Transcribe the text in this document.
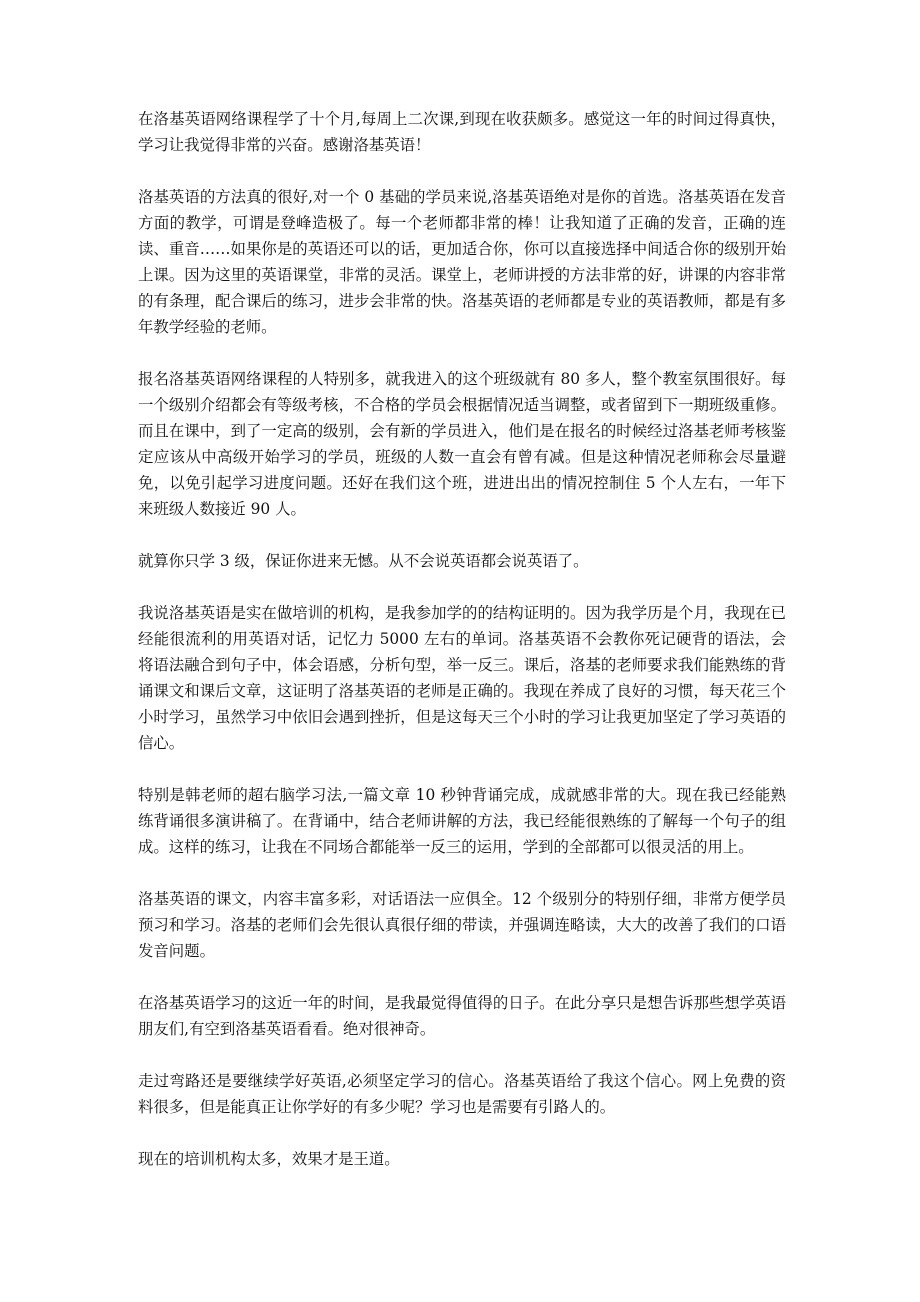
在洛基英语网络课程学了十个月,每周上二次课,到现在收获颇多。感觉这一年的时间过得真快，学习让我觉得非常的兴奋。感谢洛基英语！

洛基英语的方法真的很好,对一个 0 基础的学员来说,洛基英语绝对是你的首选。洛基英语在发音方面的教学，可谓是登峰造极了。每一个老师都非常的棒！让我知道了正确的发音，正确的连读、重音……如果你是的英语还可以的话，更加适合你，你可以直接选择中间适合你的级别开始上课。因为这里的英语课堂，非常的灵活。课堂上，老师讲授的方法非常的好，讲课的内容非常的有条理，配合课后的练习，进步会非常的快。洛基英语的老师都是专业的英语教师，都是有多年教学经验的老师。

报名洛基英语网络课程的人特别多，就我进入的这个班级就有 80 多人，整个教室氛围很好。每一个级别介绍都会有等级考核，不合格的学员会根据情况适当调整，或者留到下一期班级重修。而且在课中，到了一定高的级别，会有新的学员进入，他们是在报名的时候经过洛基老师考核鉴定应该从中高级开始学习的学员，班级的人数一直会有曾有减。但是这种情况老师称会尽量避免，以免引起学习进度问题。还好在我们这个班，进进出出的情况控制住 5 个人左右，一年下来班级人数接近 90 人。

就算你只学 3 级，保证你进来无憾。从不会说英语都会说英语了。

我说洛基英语是实在做培训的机构，是我参加学的的结构证明的。因为我学历是个月，我现在已经能很流利的用英语对话，记忆力 5000 左右的单词。洛基英语不会教你死记硬背的语法，会将语法融合到句子中，体会语感，分析句型，举一反三。课后，洛基的老师要求我们能熟练的背诵课文和课后文章，这证明了洛基英语的老师是正确的。我现在养成了良好的习惯，每天花三个小时学习，虽然学习中依旧会遇到挫折，但是这每天三个小时的学习让我更加坚定了学习英语的信心。

特别是韩老师的超右脑学习法,一篇文章 10 秒钟背诵完成，成就感非常的大。现在我已经能熟练背诵很多演讲稿了。在背诵中，结合老师讲解的方法，我已经能很熟练的了解每一个句子的组成。这样的练习，让我在不同场合都能举一反三的运用，学到的全部都可以很灵活的用上。

洛基英语的课文，内容丰富多彩，对话语法一应俱全。12 个级别分的特别仔细，非常方便学员预习和学习。洛基的老师们会先很认真很仔细的带读，并强调连略读，大大的改善了我们的口语发音问题。

在洛基英语学习的这近一年的时间，是我最觉得值得的日子。在此分享只是想告诉那些想学英语朋友们,有空到洛基英语看看。绝对很神奇。

走过弯路还是要继续学好英语,必须坚定学习的信心。洛基英语给了我这个信心。网上免费的资料很多，但是能真正让你学好的有多少呢？学习也是需要有引路人的。

现在的培训机构太多，效果才是王道。
